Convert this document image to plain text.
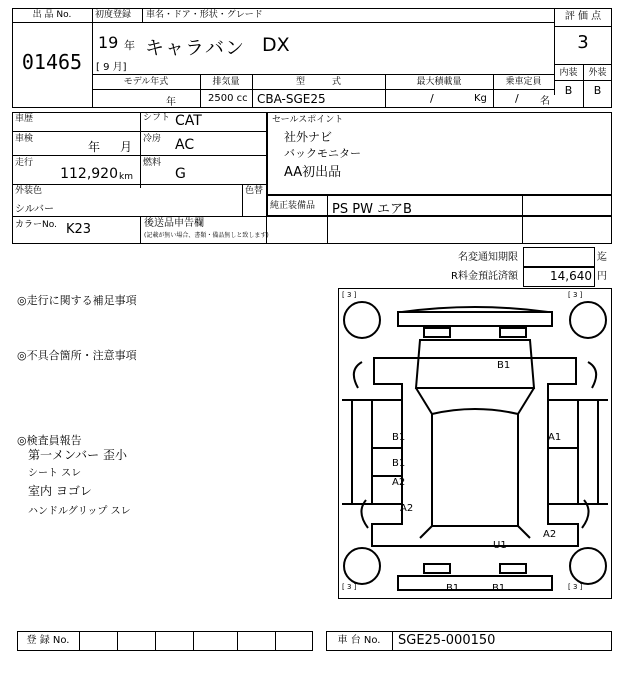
出 品 No.
01465
初度登録 車名・ドア・形状・グレード
19 年
[ 9 月]
キャラバン DX
評 価 点
3
内装	外装
B	B
モデル年式	排気量	型　　　式	最大積載量	乗車定員
年	2500 cc CBA-SGE25	/	Kg	/ 名
車歴	シフト CAT
車検
年 月
冷房 AC
走行
112,920 km
燃料
G
外装色
シルバー
色替
カラーNo. K23
セールスポイント
社外ナビ
バックモニター
AA初出品
純正装備品 PS PW エアB
後送品申告欄
(記載が無い場合、書類・備品無しと致します)
名変通知期限	迄
R料金預託済額	14,640 円
◎走行に関する補足事項
◎不具合箇所・注意事項
◎検査員報告
第一メンバー 歪小
シート スレ
室内 ヨゴレ
ハンドルグリップ スレ
[ 3 ]	[ 3 ]
[ 3 ]	[ 3 ]
B1
B1
B1
A2
A2
A1
A2
U1
B1	B1
登 録 No.	車 台 No.	SGE25-000150
